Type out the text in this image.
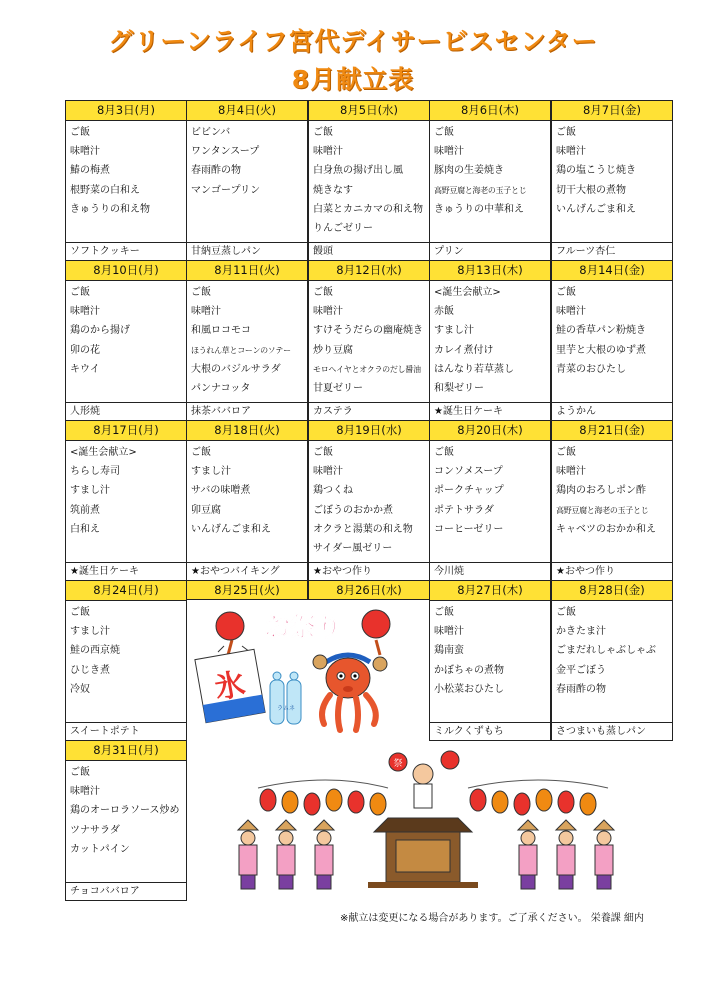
グリーンライフ宮代デイサービスセンター
8月献立表
8月3日(月)
ご飯
味噌汁
鰆の梅煮
根野菜の白和え
きゅうりの和え物
ソフトクッキー
8月4日(火)
ビビンバ
ワンタンスープ
春雨酢の物
マンゴープリン
甘納豆蒸しパン
8月5日(水)
ご飯
味噌汁
白身魚の揚げ出し風
焼きなす
白菜とカニカマの和え物
りんごゼリー
饅頭
8月6日(木)
ご飯
味噌汁
豚肉の生姜焼き
高野豆腐と海老の玉子とじ
きゅうりの中華和え
プリン
8月7日(金)
ご飯
味噌汁
鶏の塩こうじ焼き
切干大根の煮物
いんげんごま和え
フルーツ杏仁
8月10日(月)
ご飯
味噌汁
鶏のから揚げ
卯の花
キウイ
人形焼
8月11日(火)
ご飯
味噌汁
和風ロコモコ
ほうれん草とコーンのソテー
大根のバジルサラダ
パンナコッタ
抹茶ババロア
8月12日(水)
ご飯
味噌汁
すけそうだらの幽庵焼き
炒り豆腐
モロヘイヤとオクラのだし醤油
甘夏ゼリー
カステラ
8月13日(木)
<誕生会献立>
赤飯
すまし汁
カレイ煮付け
はんなり若草蒸し
和梨ゼリー
★誕生日ケーキ
8月14日(金)
ご飯
味噌汁
鮭の香草パン粉焼き
里芋と大根のゆず煮
青菜のおひたし
ようかん
8月17日(月)
<誕生会献立>
ちらし寿司
すまし汁
筑前煮
白和え
★誕生日ケーキ
8月18日(火)
ご飯
すまし汁
サバの味噌煮
卯豆腐
いんげんごま和え
★おやつバイキング
8月19日(水)
ご飯
味噌汁
鶏つくね
ごぼうのおかか煮
オクラと湯葉の和え物
サイダー風ゼリー
★おやつ作り
8月20日(木)
ご飯
コンソメスープ
ポークチャップ
ポテトサラダ
コーヒーゼリー
今川焼
8月21日(金)
ご飯
味噌汁
鶏肉のおろしポン酢
高野豆腐と海老の玉子とじ
キャベツのおかか和え
★おやつ作り
8月24日(月)
ご飯
すまし汁
鮭の西京焼
ひじき煮
冷奴
スイートポテト
8月25日(火)	8月26日(水)	8月27日(木)
ご飯
味噌汁
鶏南蛮
かぼちゃの煮物
小松菜おひたし
ミルクくずもち
8月28日(金)
ご飯
かきたま汁
ごまだれしゃぶしゃぶ
金平ごぼう
春雨酢の物
さつまいも蒸しパン
8月31日(月)
ご飯
味噌汁
鶏のオーロラソース炒め
ツナサラダ
カットパイン
チョコババロア
お祭り
氷
ラムネ
祭
※献立は変更になる場合があります。ご了承ください。 栄養課 細内
